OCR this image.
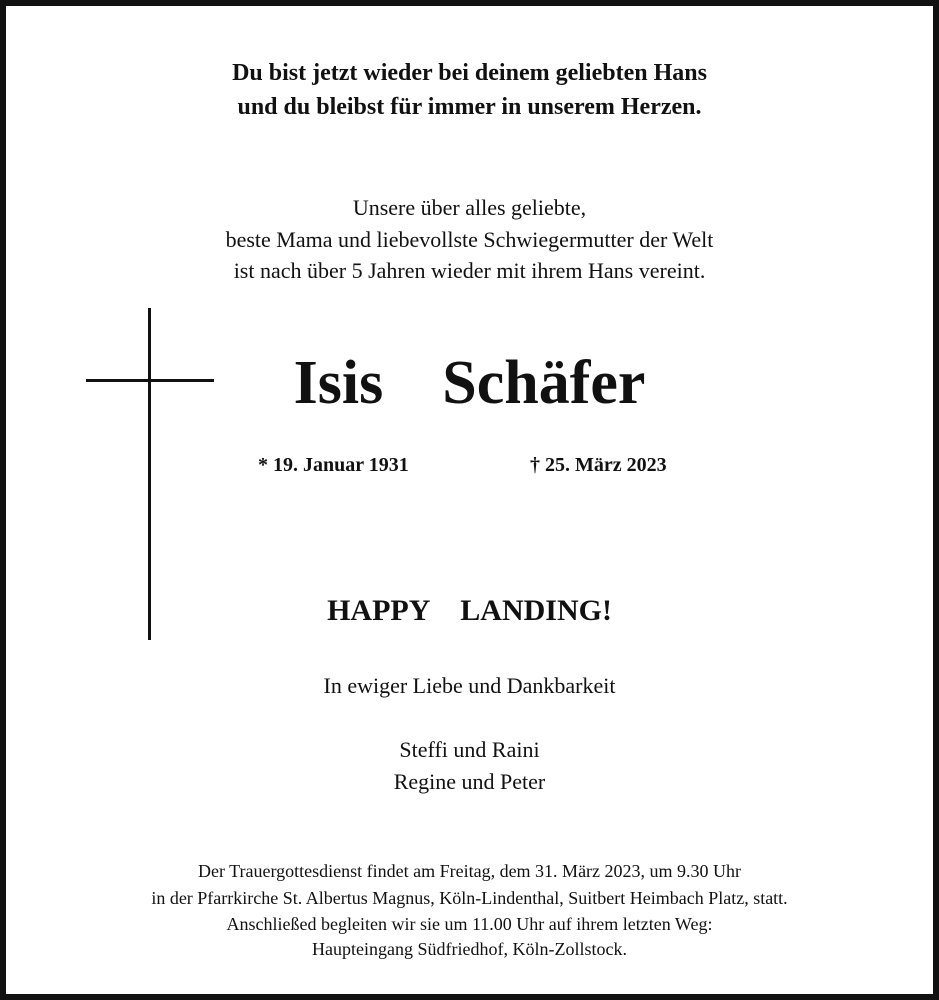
Du bist jetzt wieder bei deinem geliebten Hans
und du bleibst für immer in unserem Herzen.
Unsere über alles geliebte,
beste Mama und liebevollste Schwiegermutter der Welt
ist nach über 5 Jahren wieder mit ihrem Hans vereint.
Isis  Schäfer
* 19. Januar 1931	† 25. März 2023
HAPPY  LANDING!
In ewiger Liebe und Dankbarkeit
Steffi und Raini
Regine und Peter
Der Trauergottesdienst findet am Freitag, dem 31. März 2023, um 9.30 Uhr
in der Pfarrkirche St. Albertus Magnus, Köln-Lindenthal, Suitbert Heimbach Platz, statt.
Anschließed begleiten wir sie um 11.00 Uhr auf ihrem letzten Weg:
Haupteingang Südfriedhof, Köln-Zollstock.
